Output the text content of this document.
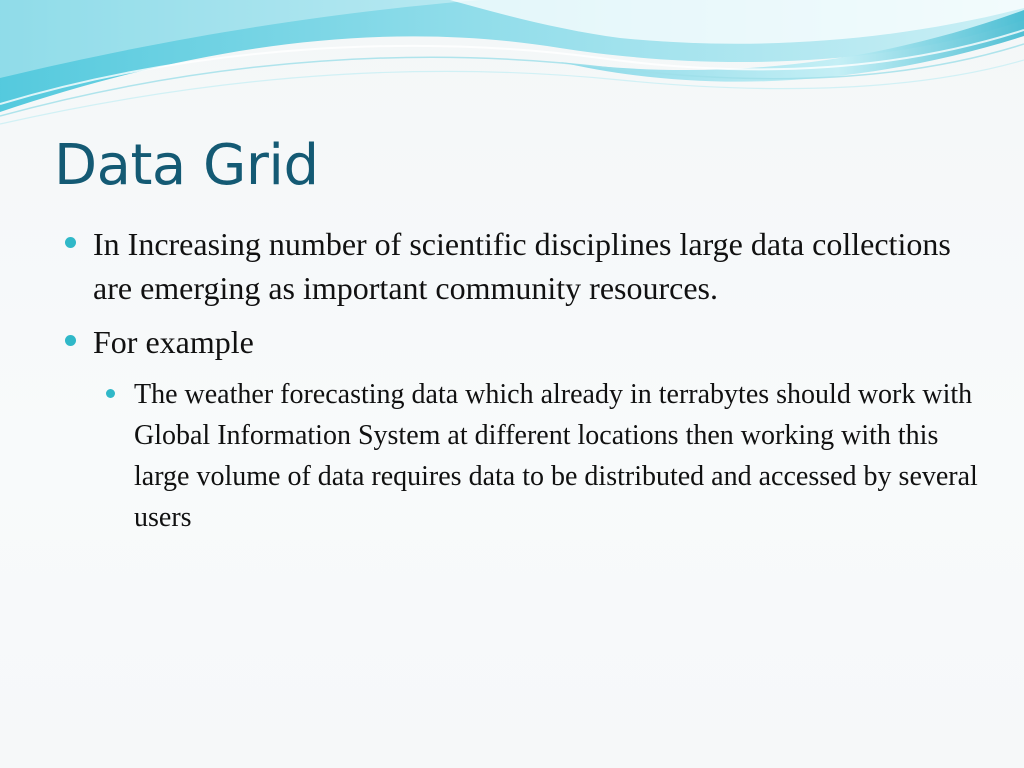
Data Grid
In Increasing number of scientific disciplines large data collections are emerging as important community resources.
For example
The weather forecasting data which already in terrabytes should work with Global Information System at different locations then working with this large volume of data requires data to be distributed and accessed by several users
